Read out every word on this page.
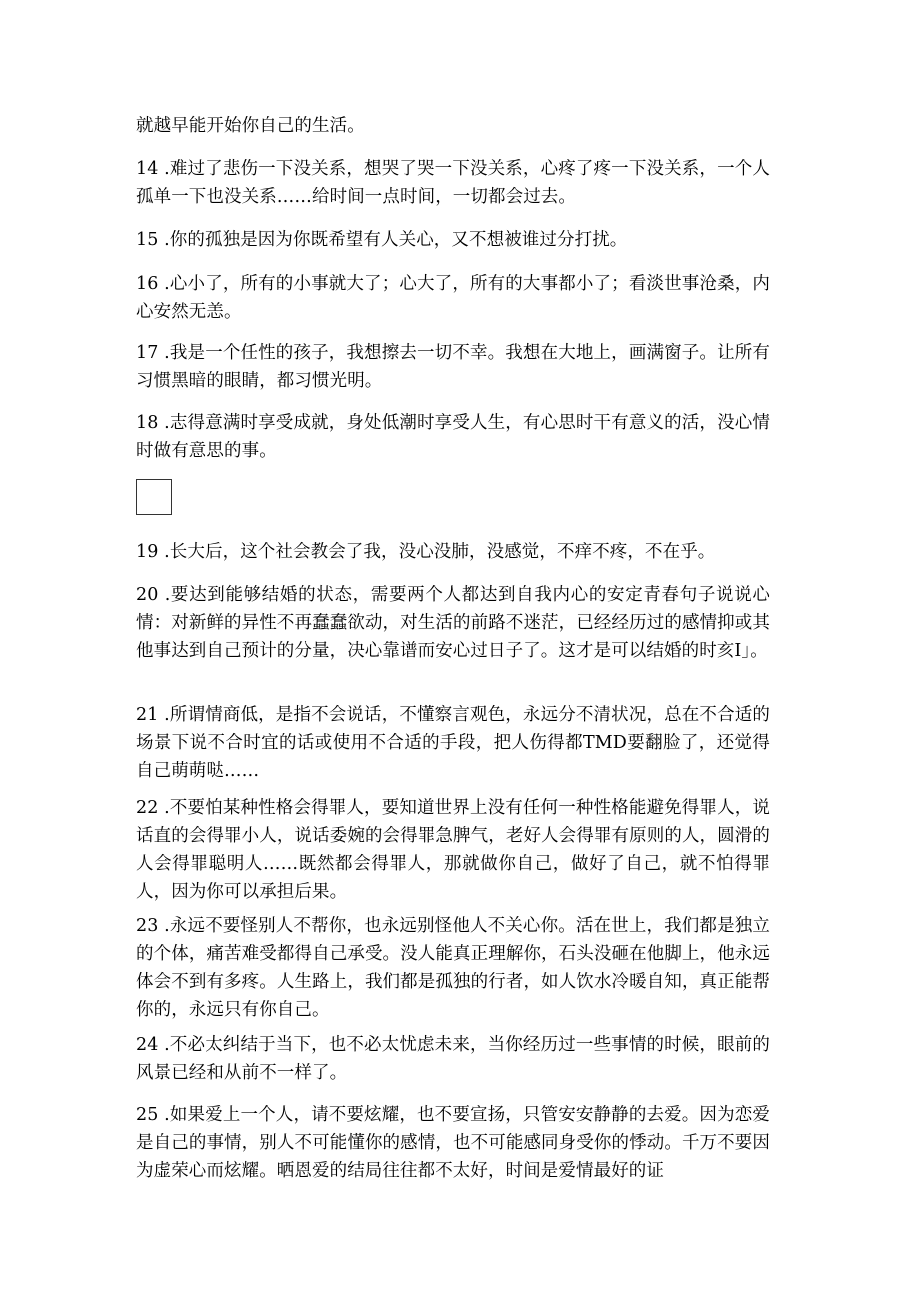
就越早能开始你自己的生活。

14 .难过了悲伤一下没关系，想哭了哭一下没关系，心疼了疼一下没关系，一个人孤单一下也没关系……给时间一点时间，一切都会过去。

15 .你的孤独是因为你既希望有人关心，又不想被谁过分打扰。

16 .心小了，所有的小事就大了；心大了，所有的大事都小了；看淡世事沧桑，内心安然无恙。

17 .我是一个任性的孩子，我想擦去一切不幸。我想在大地上，画满窗子。让所有习惯黑暗的眼睛，都习惯光明。

18 .志得意满时享受成就，身处低潮时享受人生，有心思时干有意义的活，没心情时做有意思的事。

19 .长大后，这个社会教会了我，没心没肺，没感觉，不痒不疼，不在乎。

20 .要达到能够结婚的状态，需要两个人都达到自我内心的安定青春句子说说心情：对新鲜的异性不再蠢蠢欲动，对生活的前路不迷茫，已经经历过的感情抑或其他事达到自己预计的分量，决心靠谱而安心过日子了。这才是可以结婚的时亥I」。

21 .所谓情商低，是指不会说话，不懂察言观色，永远分不清状况，总在不合适的场景下说不合时宜的话或使用不合适的手段，把人伤得都TMD要翻脸了，还觉得自己萌萌哒……

22 .不要怕某种性格会得罪人，要知道世界上没有任何一种性格能避免得罪人，说话直的会得罪小人，说话委婉的会得罪急脾气，老好人会得罪有原则的人，圆滑的人会得罪聪明人……既然都会得罪人，那就做你自己，做好了自己，就不怕得罪人，因为你可以承担后果。

23 .永远不要怪别人不帮你，也永远别怪他人不关心你。活在世上，我们都是独立的个体，痛苦难受都得自己承受。没人能真正理解你，石头没砸在他脚上，他永远体会不到有多疼。人生路上，我们都是孤独的行者，如人饮水冷暖自知，真正能帮你的，永远只有你自己。

24 .不必太纠结于当下，也不必太忧虑未来，当你经历过一些事情的时候，眼前的风景已经和从前不一样了。

25 .如果爱上一个人，请不要炫耀，也不要宣扬，只管安安静静的去爱。因为恋爱是自己的事情，别人不可能懂你的感情，也不可能感同身受你的悸动。千万不要因为虚荣心而炫耀。晒恩爱的结局往往都不太好，时间是爱情最好的证
